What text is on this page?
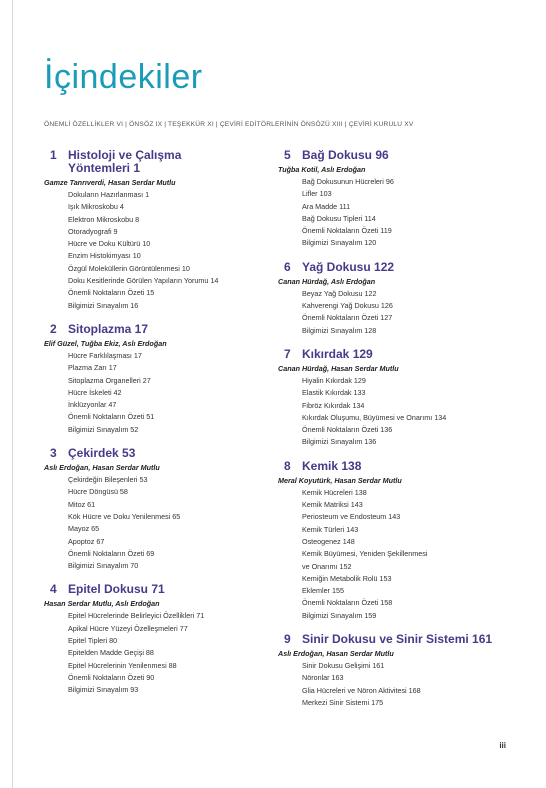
İçindekiler
ÖNEMLİ ÖZELLİKLER VI | ÖNSÖZ IX | TEŞEKKÜR XI | ÇEVİRİ EDİTÖRLERİNİN ÖNSÖZÜ XIII | ÇEVİRİ KURULU XV
1 Histoloji ve Çalışma
Yöntemleri 1
Gamze Tanrıverdi, Hasan Serdar Mutlu
Dokuların Hazırlanması 1
Işık Mikroskobu 4
Elektron Mikroskobu 8
Otoradyografi 9
Hücre ve Doku Kültürü 10
Enzim Histokimyası 10
Özgül Moleküllerin Görüntülenmesi 10
Doku Kesitlerinde Görülen Yapıların Yorumu 14
Önemli Noktaların Özeti 15
Bilgimizi Sınayalım 16
2 Sitoplazma 17
Elif Güzel, Tuğba Ekiz, Aslı Erdoğan
Hücre Farklılaşması 17
Plazma Zarı 17
Sitoplazma Organelleri 27
Hücre İskeleti 42
İnklüzyonlar 47
Önemli Noktaların Özeti 51
Bilgimizi Sınayalım 52
3 Çekirdek 53
Aslı Erdoğan, Hasan Serdar Mutlu
Çekirdeğin Bileşenleri 53
Hücre Döngüsü 58
Mitoz 61
Kök Hücre ve Doku Yenilenmesi 65
Mayoz 65
Apoptoz 67
Önemli Noktaların Özeti 69
Bilgimizi Sınayalım 70
4 Epitel Dokusu 71
Hasan Serdar Mutlu, Aslı Erdoğan
Epitel Hücrelerinde Belirleyici Özellikleri 71
Apikal Hücre Yüzeyi Özelleşmeleri 77
Epitel Tipleri 80
Epitelden Madde Geçişi 88
Epitel Hücrelerinin Yenilenmesi 88
Önemli Noktaların Özeti 90
Bilgimizi Sınayalım 93
5 Bağ Dokusu 96
Tuğba Kotil, Aslı Erdoğan
Bağ Dokusunun Hücreleri 96
Lifler 103
Ara Madde 111
Bağ Dokusu Tipleri 114
Önemli Noktaların Özeti 119
Bilgimizi Sınayalım 120
6 Yağ Dokusu 122
Canan Hürdağ, Aslı Erdoğan
Beyaz Yağ Dokusu 122
Kahverengi Yağ Dokusu 126
Önemli Noktaların Özeti 127
Bilgimizi Sınayalım 128
7 Kıkırdak 129
Canan Hürdağ, Hasan Serdar Mutlu
Hiyalin Kıkırdak 129
Elastik Kıkırdak 133
Fibröz Kıkırdak 134
Kıkırdak Oluşumu, Büyümesi ve Onarımı 134
Önemli Noktaların Özeti 136
Bilgimizi Sınayalım 136
8 Kemik 138
Meral Koyutürk, Hasan Serdar Mutlu
Kemik Hücreleri 138
Kemik Matriksi 143
Periosteum ve Endosteum 143
Kemik Türleri 143
Osteogenez 148
Kemik Büyümesi, Yeniden Şekillenmesi
ve Onarımı 152
Kemiğin Metabolik Rolü 153
Eklemler 155
Önemli Noktaların Özeti 158
Bilgimizi Sınayalım 159
9 Sinir Dokusu ve Sinir Sistemi 161
Aslı Erdoğan, Hasan Serdar Mutlu
Sinir Dokusu Gelişimi 161
Nöronlar 163
Glia Hücreleri ve Nöron Aktivitesi 168
Merkezi Sinir Sistemi 175
iii
